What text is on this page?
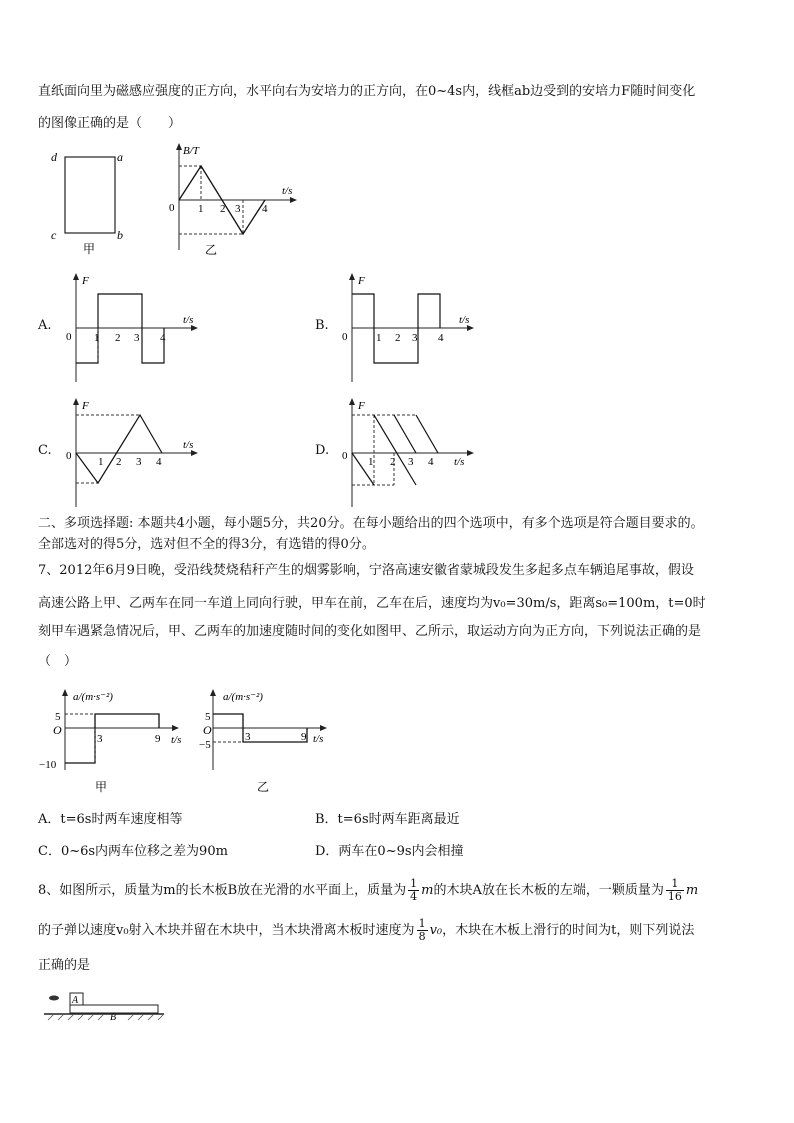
直纸面向里为磁感应强度的正方向，水平向右为安培力的正方向，在0~4s内，线框ab边受到的安培力F随时间变化
的图像正确的是（　　）
d	a
c	b
甲
B/T
t/s
0 1 2 3 4
乙
A.
F
t/s
0 1 2 3 4
B.
F
t/s
0	1 2 3 4
C.
F
t/s
0 1 2 3 4
D.
F
t/s
0 1 2 3 4
二、多项选择题: 本题共4小题，每小题5分，共20分。在每小题给出的四个选项中，有多个选项是符合题目要求的。
全部选对的得5分，选对但不全的得3分，有选错的得0分。
7、2012年6月9日晚，受沿线焚烧秸秆产生的烟雾影响，宁洛高速安徽省蒙城段发生多起多点车辆追尾事故，假设
高速公路上甲、乙两车在同一车道上同向行驶，甲车在前，乙车在后，速度均为v₀=30m/s，距离s₀=100m，t=0时
刻甲车遇紧急情况后，甲、乙两车的加速度随时间的变化如图甲、乙所示，取运动方向为正方向，下列说法正确的是
（　）
a/(m·s⁻²)
t/s
O
5
−10
3	9
甲
a/(m·s⁻²)
t/s
O
5
−5
3	9
乙
A．t=6s时两车速度相等	B．t=6s时两车距离最近
C．0~6s内两车位移之差为90m	D．两车在0~9s内会相撞
8、如图所示，质量为m的长木板B放在光滑的水平面上，质量为 $\frac{1}{4}$ m的木块A放在长木板的左端，一颗质量为 $\frac{1}{16}$ m
的子弹以速度v₀射入木块并留在木块中，当木块滑离木板时速度为 $\frac{1}{8} v_0$，木块在木板上滑行的时间为t，则下列说法
正确的是
A
B
